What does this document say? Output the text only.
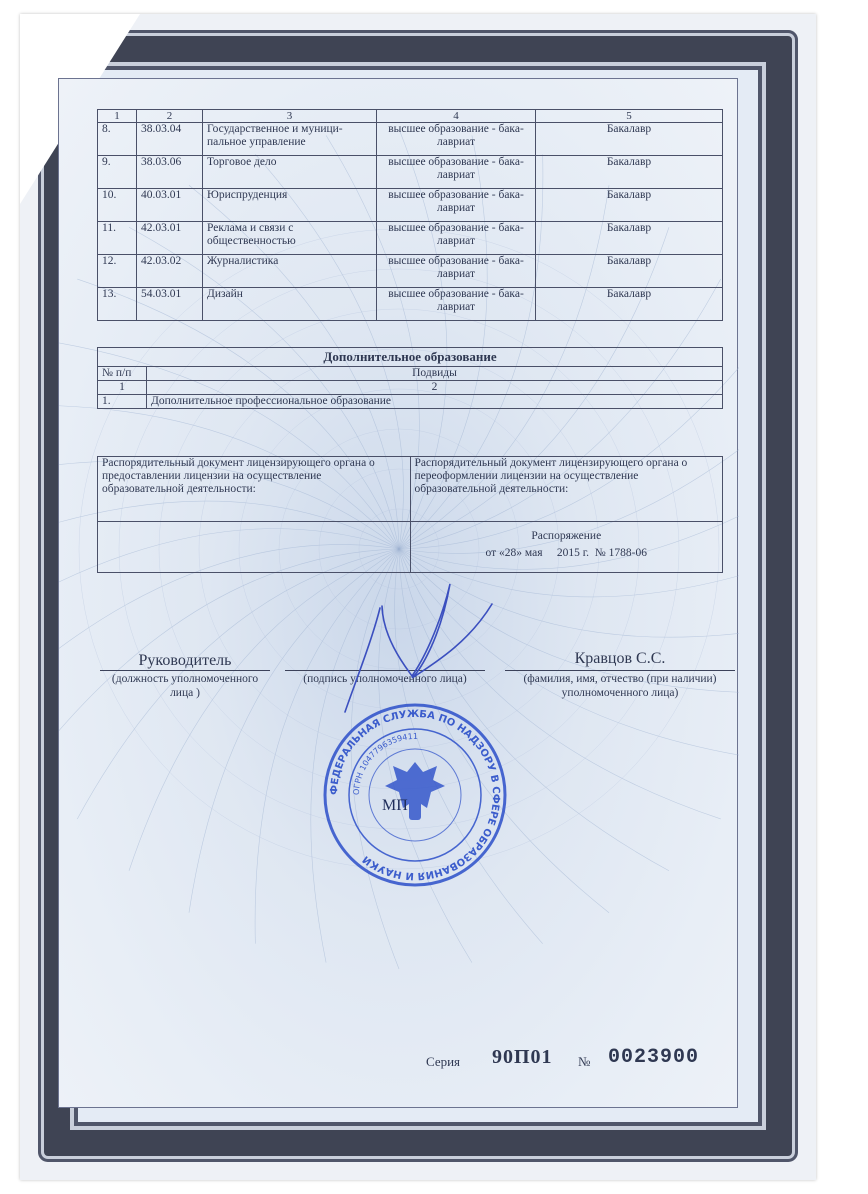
1	2	3	4	5
8.	38.03.04	Государственное и муници-пальное управление	высшее образование - бака-лавриат	Бакалавр
9.	38.03.06	Торговое дело	высшее образование - бака-лавриат	Бакалавр
10.	40.03.01	Юриспруденция	высшее образование - бака-лавриат	Бакалавр
11.	42.03.01	Реклама и связи с общественностью	высшее образование - бака-лавриат	Бакалавр
12.	42.03.02	Журналистика	высшее образование - бака-лавриат	Бакалавр
13.	54.03.01	Дизайн	высшее образование - бака-лавриат	Бакалавр
Дополнительное образование	
№ п/п	Подвиды
1	2
1.	Дополнительное профессиональное образование
Распорядительный документ лицензирующего органа о предоставлении лицензии на осуществление образовательной деятельности:	Распорядительный документ лицензирующего органа о переоформлении лицензии на осуществление образовательной деятельности:

	Распоряжение
от «28» мая     2015 г.  № 1788-06
Руководитель
(должность уполномоченного лица )
(подпись уполномоченного лица)
Кравцов С.С.
(фамилия, имя, отчество (при наличии) уполномоченного лица)
ФЕДЕРАЛЬНАЯ СЛУЖБА ПО НАДЗОРУ В СФЕРЕ ОБРАЗОВАНИЯ И НАУКИ
ОГРН 1047796359411
МП
Серия 90П01 № 0023900
